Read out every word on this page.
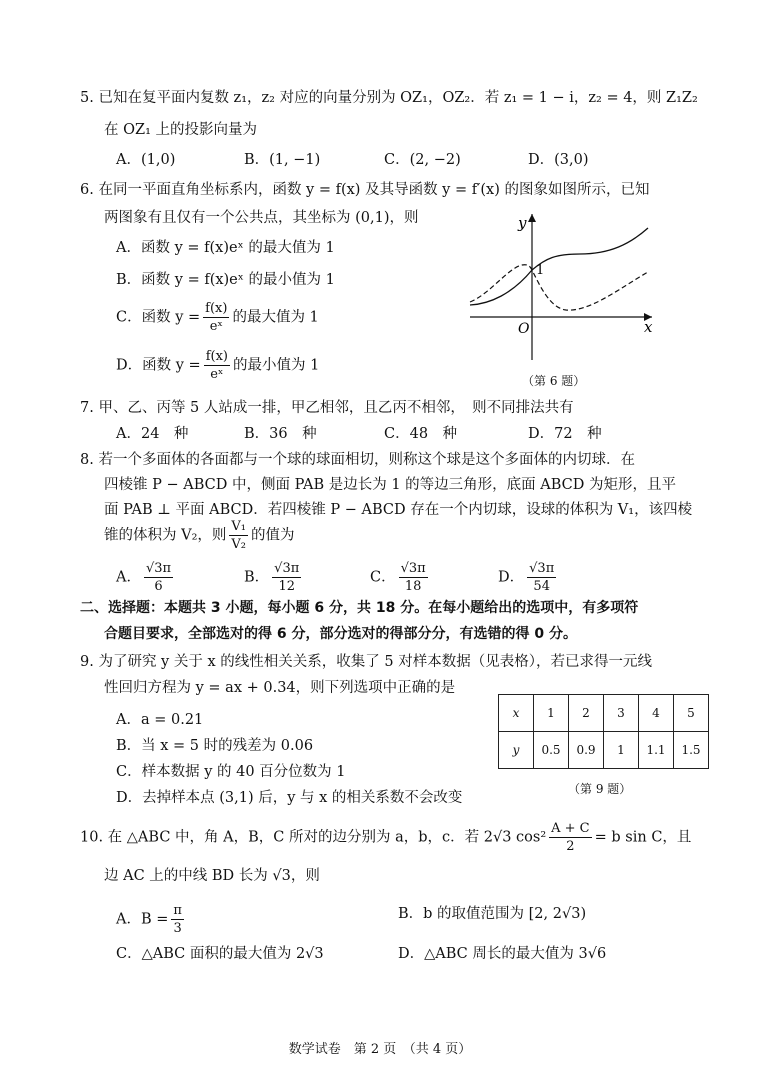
5. 已知在复平面内复数 z₁，z₂ 对应的向量分别为 OZ₁，OZ₂．若 z₁ = 1 − i，z₂ = 4，则 Z₁Z₂
在 OZ₁ 上的投影向量为
A．(1,0)	B．(1, −1)	C．(2, −2)	D．(3,0)
6. 在同一平面直角坐标系内，函数 y = f(x) 及其导函数 y = f′(x) 的图象如图所示，已知
两图象有且仅有一个公共点，其坐标为 (0,1)，则
A．函数 y = f(x)eˣ 的最大值为 1
B．函数 y = f(x)eˣ 的最小值为 1
C．函数 $y = \frac{f(x)}{\text{eˣ}}$ 的最大值为 1
D．函数 $y = \frac{f(x)}{\text{eˣ}}$ 的最小值为 1
y
x
O
1
（第 6 题）
7. 甲、乙、丙等 5 人站成一排，甲乙相邻，且乙丙不相邻，　则不同排法共有
A．24　种	B．36　种	C．48　种	D．72　种
8. 若一个多面体的各面都与一个球的球面相切，则称这个球是这个多面体的内切球．在
四棱锥 P − ABCD 中，侧面 PAB 是边长为 1 的等边三角形，底面 ABCD 为矩形，且平
面 PAB ⊥ 平面 ABCD．若四棱锥 P − ABCD 存在一个内切球，设球的体积为 V₁，该四棱
锥的体积为 V₂，则 $\frac{\text{V₁}}{\text{V₂}}$ 的值为
A． $\frac{√3\pi}{6}$	B． $\frac{√3\pi}{12}$	C． $\frac{√3\pi}{18}$	D． $\frac{√3\pi}{54}$
二、选择题：本题共 3 小题，每小题 6 分，共 18 分。在每小题给出的选项中，有多项符
合题目要求，全部选对的得 6 分，部分选对的得部分分，有选错的得 0 分。
9. 为了研究 y 关于 x 的线性相关关系，收集了 5 对样本数据（见表格），若已求得一元线
性回归方程为 y = ax + 0.34，则下列选项中正确的是
A．a = 0.21
B．当 x = 5 时的残差为 0.06
C．样本数据 y 的 40 百分位数为 1
D．去掉样本点 (3,1) 后，y 与 x 的相关系数不会改变
x	1	2	3	4	5
y	0.5	0.9	1	1.1	1.5
（第 9 题）
10. 在 △ABC 中，角 A，B，C 所对的边分别为 a，b，c．若 2√3 $\cos^2 \frac{A + C}{2} = b$ sin C，且
边 AC 上的中线 BD 长为 √3，则
A．$B = \frac{\pi}{3}$	B．b 的取值范围为 [2, 2√3)
C．△ABC 面积的最大值为 2√3	D．△ABC 周长的最大值为 3√6
数学试卷　第 2 页　（共 4 页）
